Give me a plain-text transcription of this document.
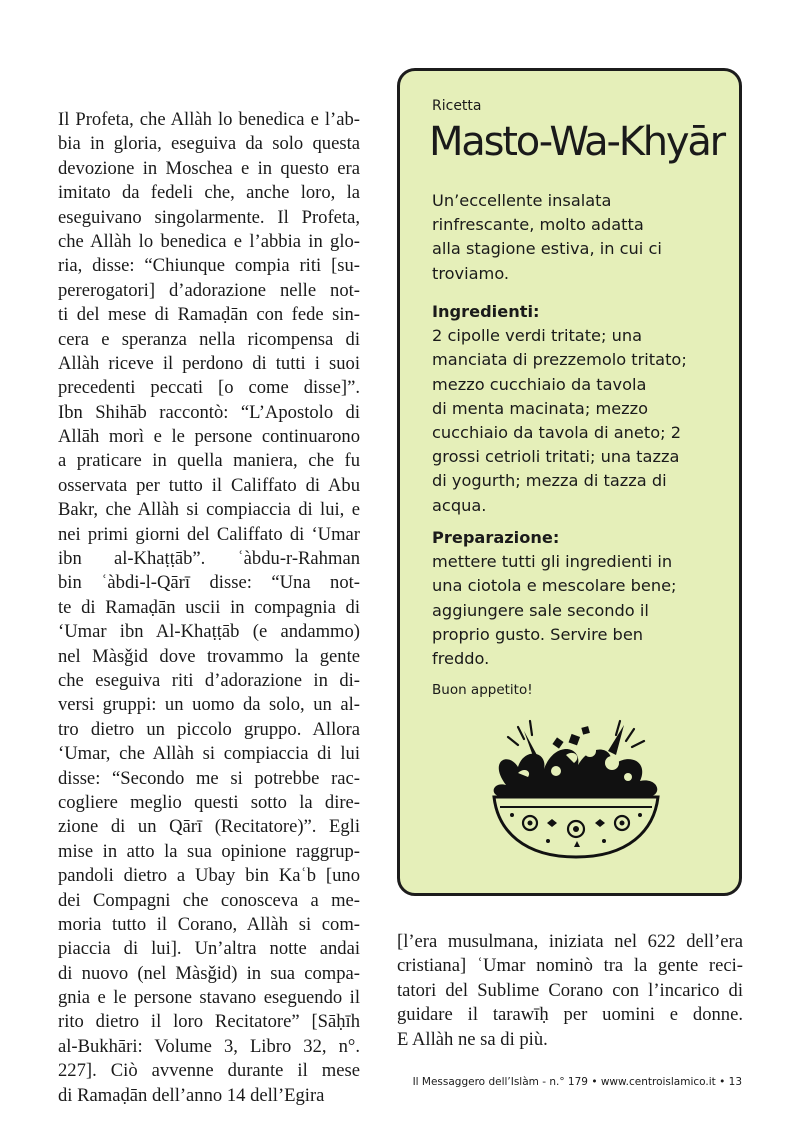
Il Profeta, che Allàh lo benedica e l’ab-
bia in gloria, eseguiva da solo questa
devozione in Moschea e in questo era
imitato da fedeli che, anche loro, la
eseguivano singolarmente. Il Profeta,
che Allàh lo benedica e l’abbia in glo-
ria, disse: “Chiunque compia riti [su-
pererogatori] d’adorazione nelle not-
ti del mese di Ramaḍān con fede sin-
cera e speranza nella ricompensa di
Allàh riceve il perdono di tutti i suoi
precedenti peccati [o come disse]”.
Ibn Shihāb raccontò: “L’Apostolo di
Allāh morì e le persone continuarono
a praticare in quella maniera, che fu
osservata per tutto il Califfato di Abu
Bakr, che Allàh si compiaccia di lui, e
nei primi giorni del Califfato di ‘Umar
ibn al-Khaṭṭāb”. ʿàbdu-r-Rahman
bin ʿàbdi-l-Qārī disse: “Una not-
te di Ramaḍān uscii in compagnia di
‘Umar ibn Al-Khaṭṭāb (e andammo)
nel Màsǧid dove trovammo la gente
che eseguiva riti d’adorazione in di-
versi gruppi: un uomo da solo, un al-
tro dietro un piccolo gruppo. Allora
‘Umar, che Allàh si compiaccia di lui
disse: “Secondo me si potrebbe rac-
cogliere meglio questi sotto la dire-
zione di un Qārī (Recitatore)”. Egli
mise in atto la sua opinione raggrup-
pandoli dietro a Ubay bin Kaʿb [uno
dei Compagni che conosceva a me-
moria tutto il Corano, Allàh si com-
piaccia di lui]. Un’altra notte andai
di nuovo (nel Màsǧid) in sua compa-
gnia e le persone stavano eseguendo il
rito dietro il loro Recitatore” [Sāḥīh
al-Bukhāri: Volume 3, Libro 32, n°.
227]. Ciò avvenne durante il mese
di Ramaḍān dell’anno 14 dell’Egira
Ricetta
Masto-Wa-Khyār
Un’eccellente insalata
rinfrescante, molto adatta
alla stagione estiva, in cui ci
troviamo.
Ingredienti:
2 cipolle verdi tritate; una
manciata di prezzemolo tritato;
mezzo cucchiaio da tavola
di menta macinata; mezzo
cucchiaio da tavola di aneto; 2
grossi cetrioli tritati; una tazza
di yogurth; mezza di tazza di
acqua.
Preparazione:
mettere tutti gli ingredienti in
una ciotola e mescolare bene;
aggiungere sale secondo il
proprio gusto. Servire ben
freddo.
Buon appetito!
[l’era musulmana, iniziata nel 622 dell’era
cristiana] ʿUmar nominò tra la gente reci-
tatori del Sublime Corano con l’incarico di
guidare il tarawīḥ per uomini e donne.
E Allàh ne sa di più.
Il Messaggero dell’Islàm - n.° 179 • www.centroislamico.it • 13
